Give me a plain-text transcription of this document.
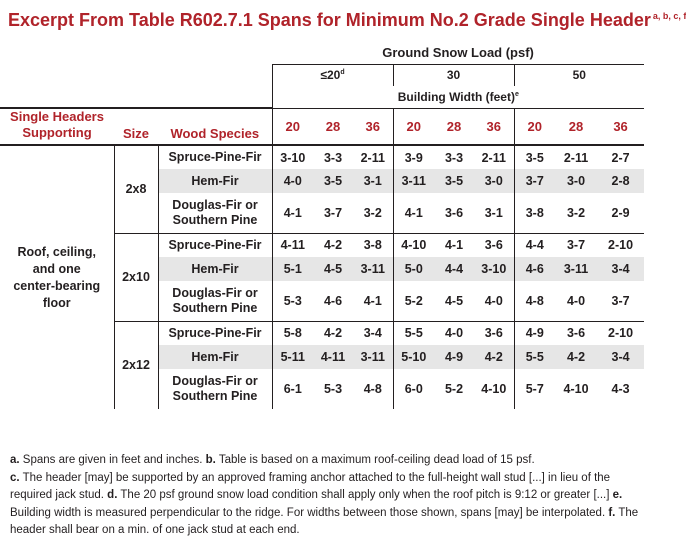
Excerpt From Table R602.7.1 Spans for Minimum No.2 Grade Single Header $^{a, b, c, f}$
			Ground Snow Load (psf)								
			$\le 20^d$			30			50		
			Building Width (feet)$^e$

Single Headers
Supporting	Size	Wood Species	20	28	36	20	28	36	20	28	36

Roof, ceiling,
and one
center-bearing
floor	2x8	Spruce-Pine-Fir	3-10	3-3	2-11	3-9	3-3	2-11	3-5	2-11	2-7

		Hem-Fir	4-0	3-5	3-1	3-11	3-5	3-0	3-7	3-0	2-8

		Douglas-Fir or
Southern Pine	4-1	3-7	3-2	4-1	3-6	3-1	3-8	3-2	2-9
	2x10	Spruce-Pine-Fir	4-11	4-2	3-8	4-10	4-1	3-6	4-4	3-7	2-10

		Hem-Fir	5-1	4-5	3-11	5-0	4-4	3-10	4-6	3-11	3-4

		Douglas-Fir or
Southern Pine	5-3	4-6	4-1	5-2	4-5	4-0	4-8	4-0	3-7
	2x12	Spruce-Pine-Fir	5-8	4-2	3-4	5-5	4-0	3-6	4-9	3-6	2-10

		Hem-Fir	5-11	4-11	3-11	5-10	4-9	4-2	5-5	4-2	3-4

		Douglas-Fir or
Southern Pine	6-1	5-3	4-8	6-0	5-2	4-10	5-7	4-10	4-3
a. Spans are given in feet and inches. b. Table is based on a maximum roof-ceiling dead load of 15 psf.
c. The header [may] be supported by an approved framing anchor attached to the full-height wall stud [...] in lieu of the required jack stud. d. The 20 psf ground snow load condition shall apply only when the roof pitch is 9:12 or greater [...] e. Building width is measured perpendicular to the ridge. For widths between those shown, spans [may] be interpolated. f. The header shall bear on a min. of one jack stud at each end.
